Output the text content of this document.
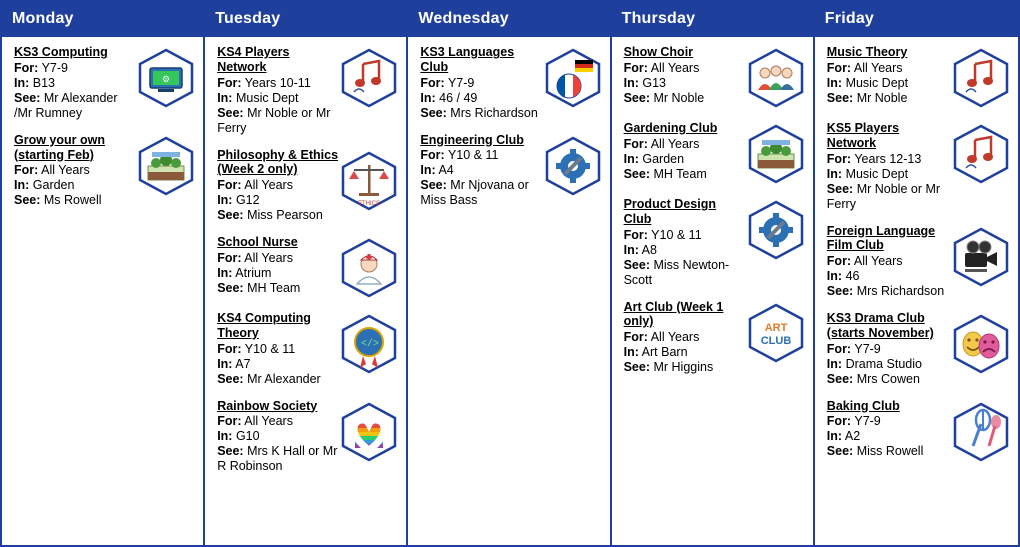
Monday
KS3 Computing
For: Y7-9
In: B13
See: Mr Alexander /Mr Rumney
⚙
Grow your own (starting Feb)
For: All Years
In: Garden
See: Ms Rowell
Tuesday
KS4 Players Network
For: Years 10-11
In: Music Dept
See: Mr Noble or Mr Ferry
Philosophy & Ethics (Week 2 only)
For: All Years
In: G12
See: Miss Pearson
ETHICS
School Nurse
For: All Years
In: Atrium
See: MH Team
KS4 Computing Theory
For: Y10 & 11
In: A7
See: Mr Alexander
</>
Rainbow Society
For: All Years
In: G10
See: Mrs K Hall or Mr R Robinson
Wednesday
KS3 Languages Club
For: Y7-9
In: 46 / 49
See: Mrs Richardson
Engineering Club
For: Y10 & 11
In: A4
See: Mr Njovana or Miss Bass
Thursday
Show Choir
For: All Years
In: G13
See: Mr Noble
Gardening Club
For: All Years
In: Garden
See: MH Team
Product Design Club
For: Y10 & 11
In: A8
See: Miss Newton-Scott
Art Club (Week 1 only)
For: All Years
In: Art Barn
See: Mr Higgins
ART
CLUB
Friday
Music Theory
For: All Years
In: Music Dept
See: Mr Noble
KS5 Players Network
For: Years 12-13
In: Music Dept
See: Mr Noble or Mr Ferry
Foreign Language Film Club
For: All Years
In: 46
See: Mrs Richardson
KS3 Drama Club (starts November)
For: Y7-9
In: Drama Studio
See: Mrs Cowen
Baking Club
For: Y7-9
In: A2
See: Miss Rowell
